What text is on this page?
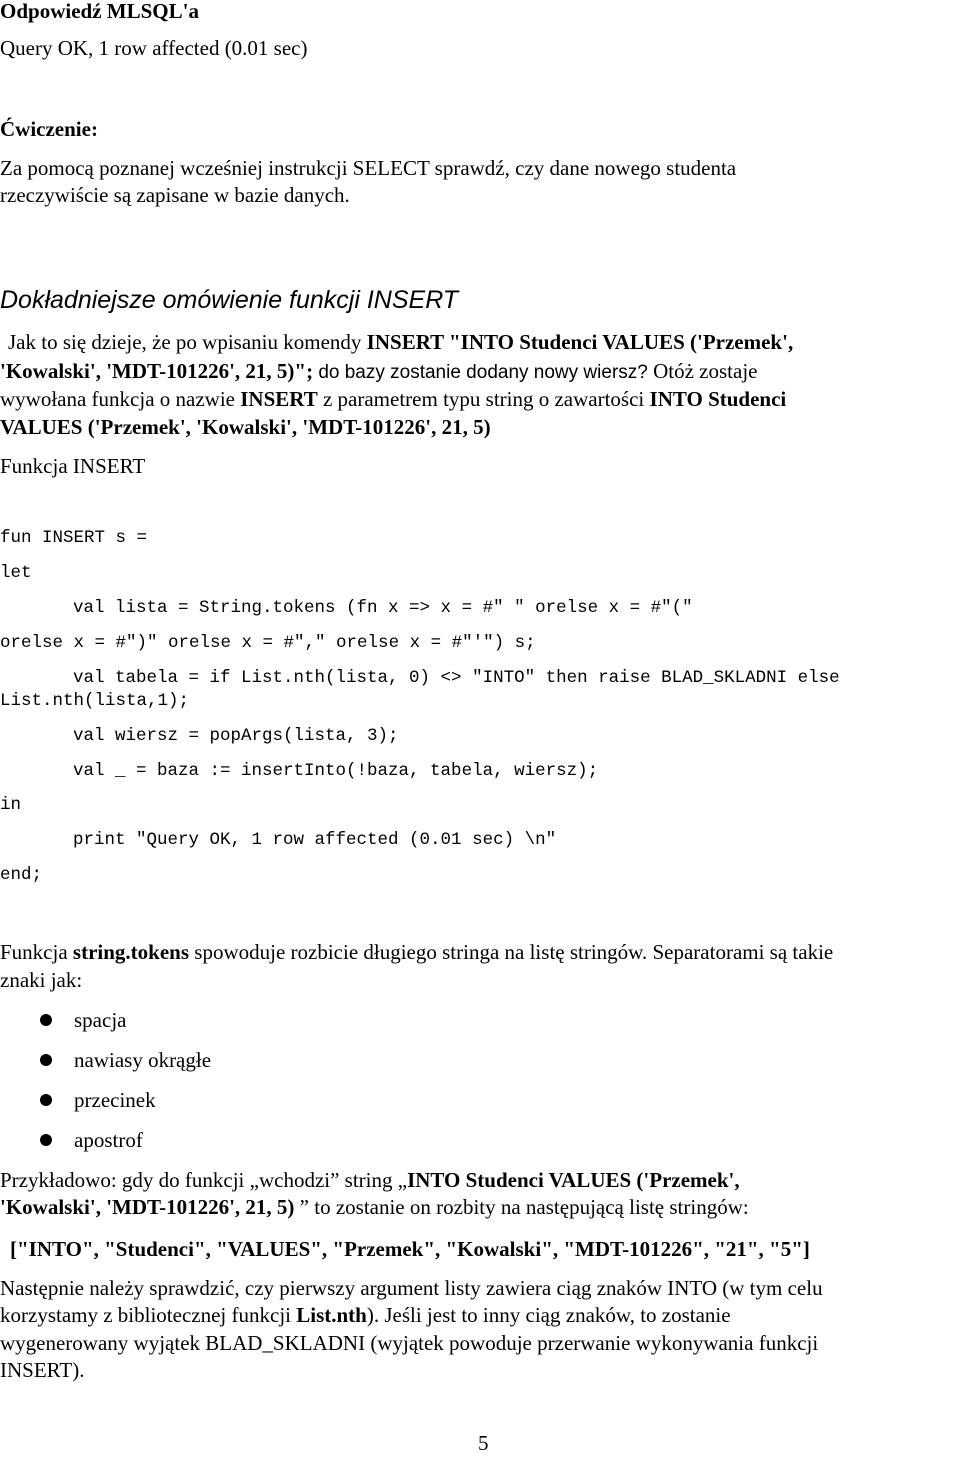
Odpowiedź MLSQL'a
Query OK, 1 row affected (0.01 sec)
Ćwiczenie:
Za pomocą poznanej wcześniej instrukcji SELECT sprawdź, czy dane nowego studenta
rzeczywiście są zapisane w bazie danych.
Dokładniejsze omówienie funkcji INSERT
Jak to się dzieje, że po wpisaniu komendy INSERT "INTO Studenci VALUES ('Przemek',
'Kowalski', 'MDT-101226', 21, 5)"; do bazy zostanie dodany nowy wiersz? Otóż zostaje
wywołana funkcja o nazwie INSERT z parametrem typu string o zawartości INTO Studenci
VALUES ('Przemek', 'Kowalski', 'MDT-101226', 21, 5)
Funkcja INSERT
fun INSERT s =
let
val lista = String.tokens (fn x => x = #" " orelse x = #"("
orelse x = #")" orelse x = #"," orelse x = #"'") s;
val tabela = if List.nth(lista, 0) <> "INTO" then raise BLAD_SKLADNI else
List.nth(lista,1);
val wiersz = popArgs(lista, 3);
val _ = baza := insertInto(!baza, tabela, wiersz);
in
print "Query OK, 1 row affected (0.01 sec) \n"
end;
Funkcja string.tokens spowoduje rozbicie długiego stringa na listę stringów. Separatorami są takie
znaki jak:
spacja
nawiasy okrągłe
przecinek
apostrof
Przykładowo: gdy do funkcji „wchodzi” string „INTO Studenci VALUES ('Przemek',
'Kowalski', 'MDT-101226', 21, 5) ” to zostanie on rozbity na następującą listę stringów:
["INTO", "Studenci", "VALUES", "Przemek", "Kowalski", "MDT-101226", "21", "5"]
Następnie należy sprawdzić, czy pierwszy argument listy zawiera ciąg znaków INTO (w tym celu
korzystamy z bibliotecznej funkcji List.nth). Jeśli jest to inny ciąg znaków, to zostanie
wygenerowany wyjątek BLAD_SKLADNI (wyjątek powoduje przerwanie wykonywania funkcji
INSERT).
5
